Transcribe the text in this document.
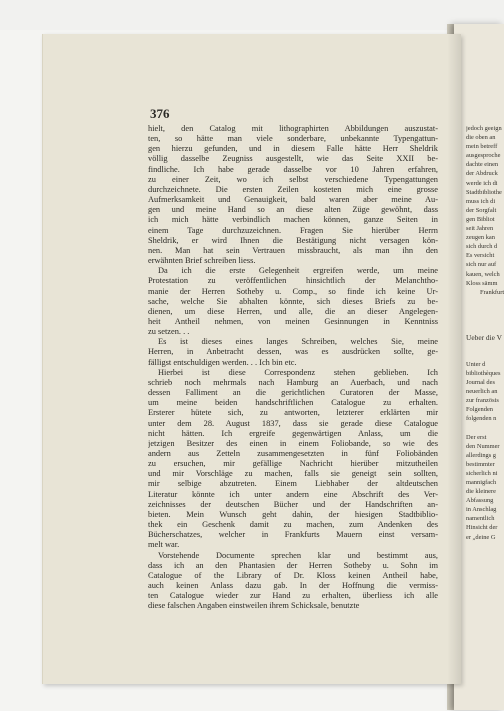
376
hielt, den Catalog mit lithographirten Abbildungen auszustat-
ten, so hätte man viele sonderbare, unbekannte Typengattun-
gen hierzu gefunden, und in diesem Falle hätte Herr Sheldrik
völlig dasselbe Zeugniss ausgestellt, wie das Seite XXII be-
findliche. Ich habe gerade dasselbe vor 10 Jahren erfahren,
zu einer Zeit, wo ich selbst verschiedene Typengattungen
durchzeichnete. Die ersten Zeilen kosteten mich eine grosse
Aufmerksamkeit und Genauigkeit, bald waren aber meine Au-
gen und meine Hand so an diese alten Züge gewöhnt, dass
ich mich hätte verbindlich machen können, ganze Seiten in
einem Tage durchzuzeichnen. Fragen Sie hierüber Herrn
Sheldrik, er wird Ihnen die Bestätigung nicht versagen kön-
nen. Man hat sein Vertrauen missbraucht, als man ihn den
erwähnten Brief schreiben liess.
Da ich die erste Gelegenheit ergreifen werde, um meine
Protestation zu veröffentlichen hinsichtlich der Melanchtho-
manie der Herren Sotheby u. Comp., so finde ich keine Ur-
sache, welche Sie abhalten könnte, sich dieses Briefs zu be-
dienen, um diese Herren, und alle, die an dieser Angelegen-
heit Antheil nehmen, von meinen Gesinnungen in Kenntniss
zu setzen. . .
Es ist dieses eines langes Schreiben, welches Sie, meine
Herren, in Anbetracht dessen, was es ausdrücken sollte, ge-
fälligst entschuldigen werden. . . Ich bin etc.
Hierbei ist diese Correspondenz stehen geblieben. Ich
schrieb noch mehrmals nach Hamburg an Auerbach, und nach
dessen Falliment an die gerichtlichen Curatoren der Masse,
um meine beiden handschriftlichen Catalogue zu erhalten.
Ersterer hütete sich, zu antworten, letzterer erklärten mir
unter dem 28. August 1837, dass sie gerade diese Catalogue
nicht hätten. Ich ergreife gegenwärtigen Anlass, um die
jetzigen Besitzer des einen in einem Foliobande, so wie des
andern aus Zetteln zusammengesetzten in fünf Foliobänden
zu ersuchen, mir gefällige Nachricht hierüber mitzutheilen
und mir Vorschläge zu machen, falls sie geneigt sein sollten,
mir selbige abzutreten. Einem Liebhaber der altdeutschen
Literatur könnte ich unter andern eine Abschrift des Ver-
zeichnisses der deutschen Bücher und der Handschriften an-
bieten. Mein Wunsch geht dahin, der hiesigen Stadtbiblio-
thek ein Geschenk damit zu machen, zum Andenken des
Bücherschatzes, welcher in Frankfurts Mauern einst versam-
melt war.
Vorstehende Documente sprechen klar und bestimmt aus,
dass ich an den Phantasien der Herren Sotheby u. Sohn im
Catalogue of the Library of Dr. Kloss keinen Antheil habe,
auch keinen Anlass dazu gab. In der Hoffnung die vermiss-
ten Catalogue wieder zur Hand zu erhalten, überliess ich alle
diese falschen Angaben einstweilen ihrem Schicksale, benutzte
jedoch geeign
die oben an
mein betreff
ausgesproche
dachte einen
der Abdruck
werde ich di
Stadtbibliothe
muss ich di
der Sorgfalt
gen Bibliot
seit Jahren
zeugen kan
sich durch d
Es versicht
sich nur auf
kauen, welch
Kloss sämm
Frankfurt
Ueber die V
Unter d
bibliothèques
Journal des
neuerlich an
zur französis
Folgenden
folgenden n
Der erst
den Nummer
allerdings g
bestimmter
sicherlich ni
mannigfach
die kleinere
Abfassung
in Anschlag
namentlich
Hinsicht der
er „deine G
